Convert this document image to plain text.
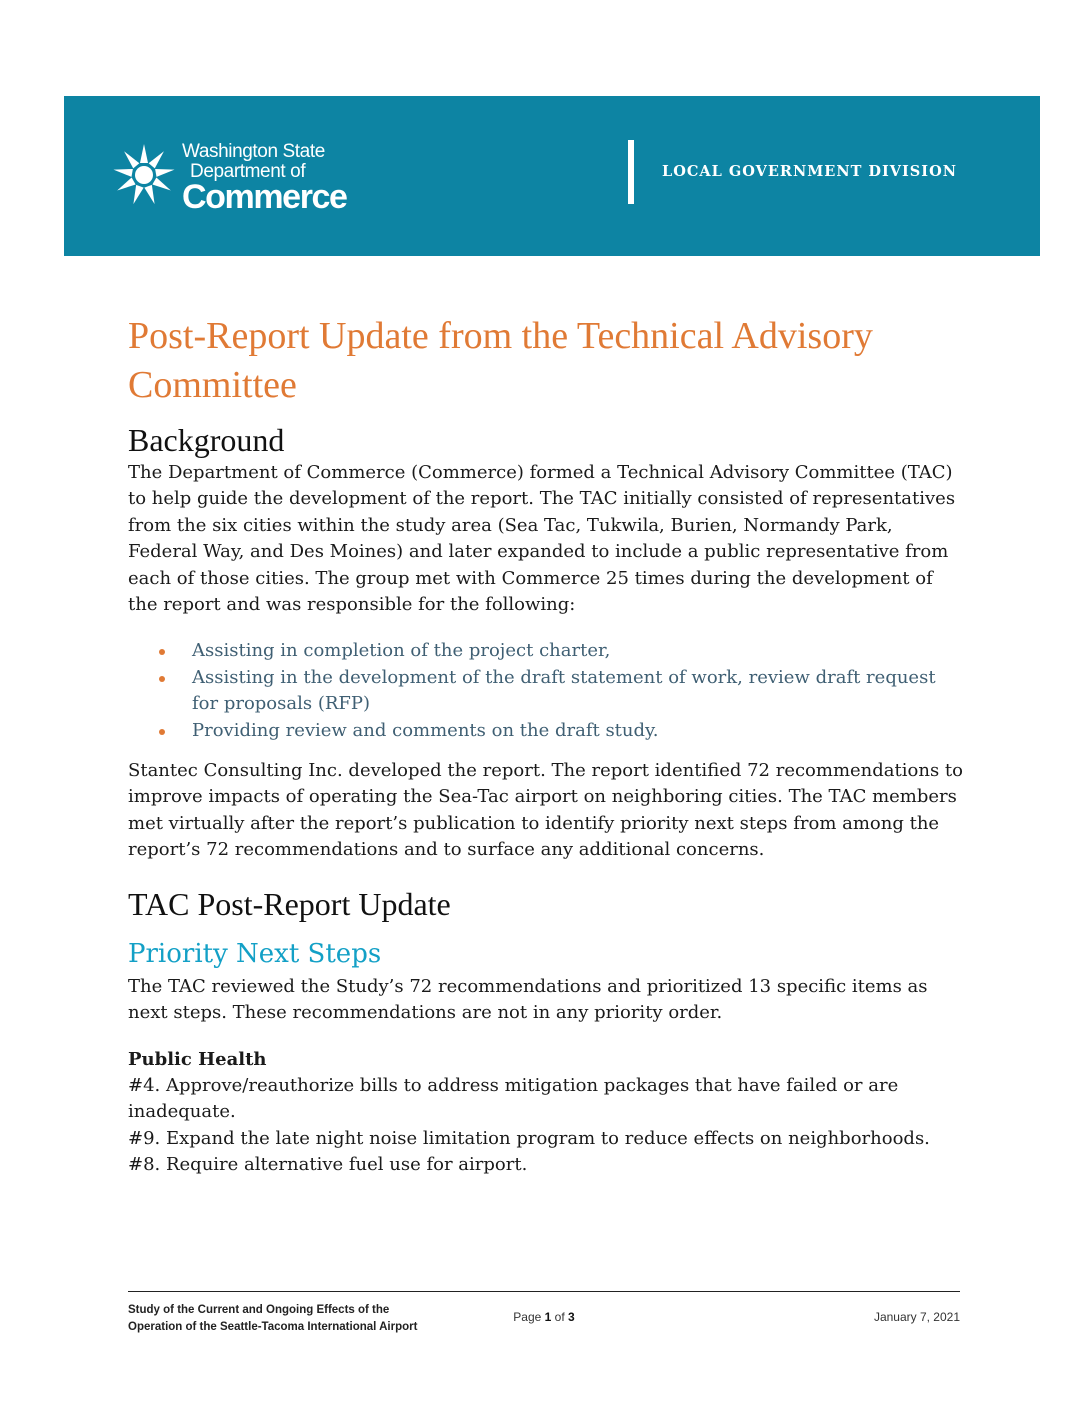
Washington State
Department of
Commerce
LOCAL GOVERNMENT DIVISION
Post-Report Update from the Technical Advisory Committee
Background

The Department of Commerce (Commerce) formed a Technical Advisory Committee (TAC) to help guide the development of the report. The TAC initially consisted of representatives from the six cities within the study area (Sea Tac, Tukwila, Burien, Normandy Park, Federal Way, and Des Moines) and later expanded to include a public representative from each of those cities. The group met with Commerce 25 times during the development of the report and was responsible for the following:

Assisting in completion of the project charter,
Assisting in the development of the draft statement of work, review draft request for proposals (RFP)
Providing review and comments on the draft study.

Stantec Consulting Inc. developed the report. The report identified 72 recommendations to improve impacts of operating the Sea-Tac airport on neighboring cities. The TAC members met virtually after the report’s publication to identify priority next steps from among the report’s 72 recommendations and to surface any additional concerns.

TAC Post-Report Update
Priority Next Steps

The TAC reviewed the Study’s 72 recommendations and prioritized 13 specific items as next steps. These recommendations are not in any priority order.

Public Health

#4. Approve/reauthorize bills to address mitigation packages that have failed or are inadequate.

#9. Expand the late night noise limitation program to reduce effects on neighborhoods.

#8. Require alternative fuel use for airport.

Study of the Current and Ongoing Effects of the
Operation of the Seattle-Tacoma International Airport
Page 1 of 3	January 7, 2021
